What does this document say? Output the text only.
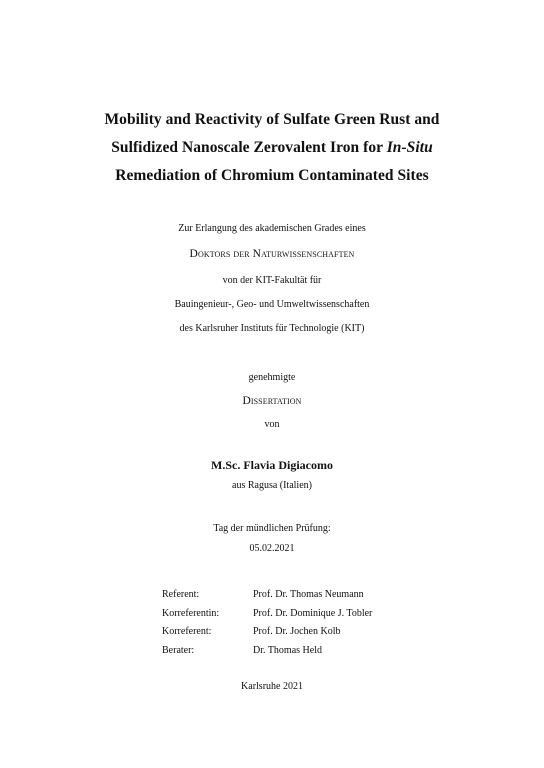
Mobility and Reactivity of Sulfate Green Rust and
Sulfidized Nanoscale Zerovalent Iron for In-Situ
Remediation of Chromium Contaminated Sites
Zur Erlangung des akademischen Grades eines
Doktors der Naturwissenschaften
von der KIT-Fakultät für
Bauingenieur-, Geo- und Umweltwissenschaften
des Karlsruher Instituts für Technologie (KIT)
genehmigte
Dissertation
von
M.Sc. Flavia Digiacomo
aus Ragusa (Italien)
Tag der mündlichen Prüfung:
05.02.2021
Referent:	Prof. Dr. Thomas Neumann
Korreferentin:	Prof. Dr. Dominique J. Tobler
Korreferent:	Prof. Dr. Jochen Kolb
Berater:	Dr. Thomas Held
Karlsruhe 2021
